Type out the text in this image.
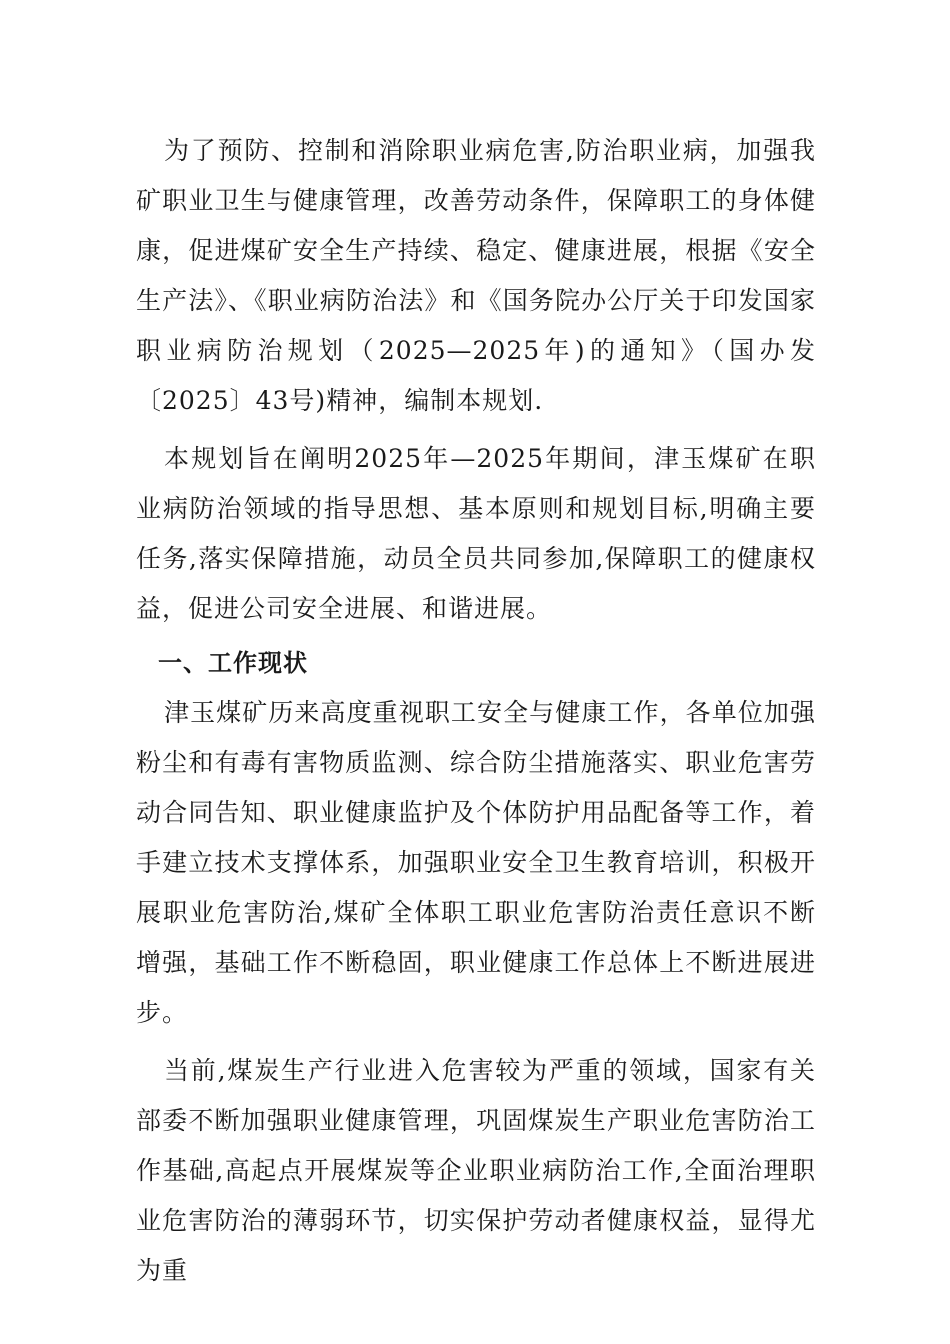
为了预防、控制和消除职业病危害,防治职业病，加强我矿职业卫生与健康管理，改善劳动条件，保障职工的身体健康，促进煤矿安全生产持续、稳定、健康进展，根据《安全生产法》、《职业病防治法》和《国务院办公厅关于印发国家职业病防治规划（2025—2025年)的通知》（国办发〔2025〕43号)精神，编制本规划.

本规划旨在阐明2025年—2025年期间，津玉煤矿在职业病防治领域的指导思想、基本原则和规划目标,明确主要任务,落实保障措施，动员全员共同参加,保障职工的健康权益，促进公司安全进展、和谐进展。

一、工作现状

津玉煤矿历来高度重视职工安全与健康工作，各单位加强粉尘和有毒有害物质监测、综合防尘措施落实、职业危害劳动合同告知、职业健康监护及个体防护用品配备等工作，着手建立技术支撑体系，加强职业安全卫生教育培训，积极开展职业危害防治,煤矿全体职工职业危害防治责任意识不断增强，基础工作不断稳固，职业健康工作总体上不断进展进步。

当前,煤炭生产行业进入危害较为严重的领域，国家有关部委不断加强职业健康管理，巩固煤炭生产职业危害防治工作基础,高起点开展煤炭等企业职业病防治工作,全面治理职业危害防治的薄弱环节，切实保护劳动者健康权益，显得尤为重
